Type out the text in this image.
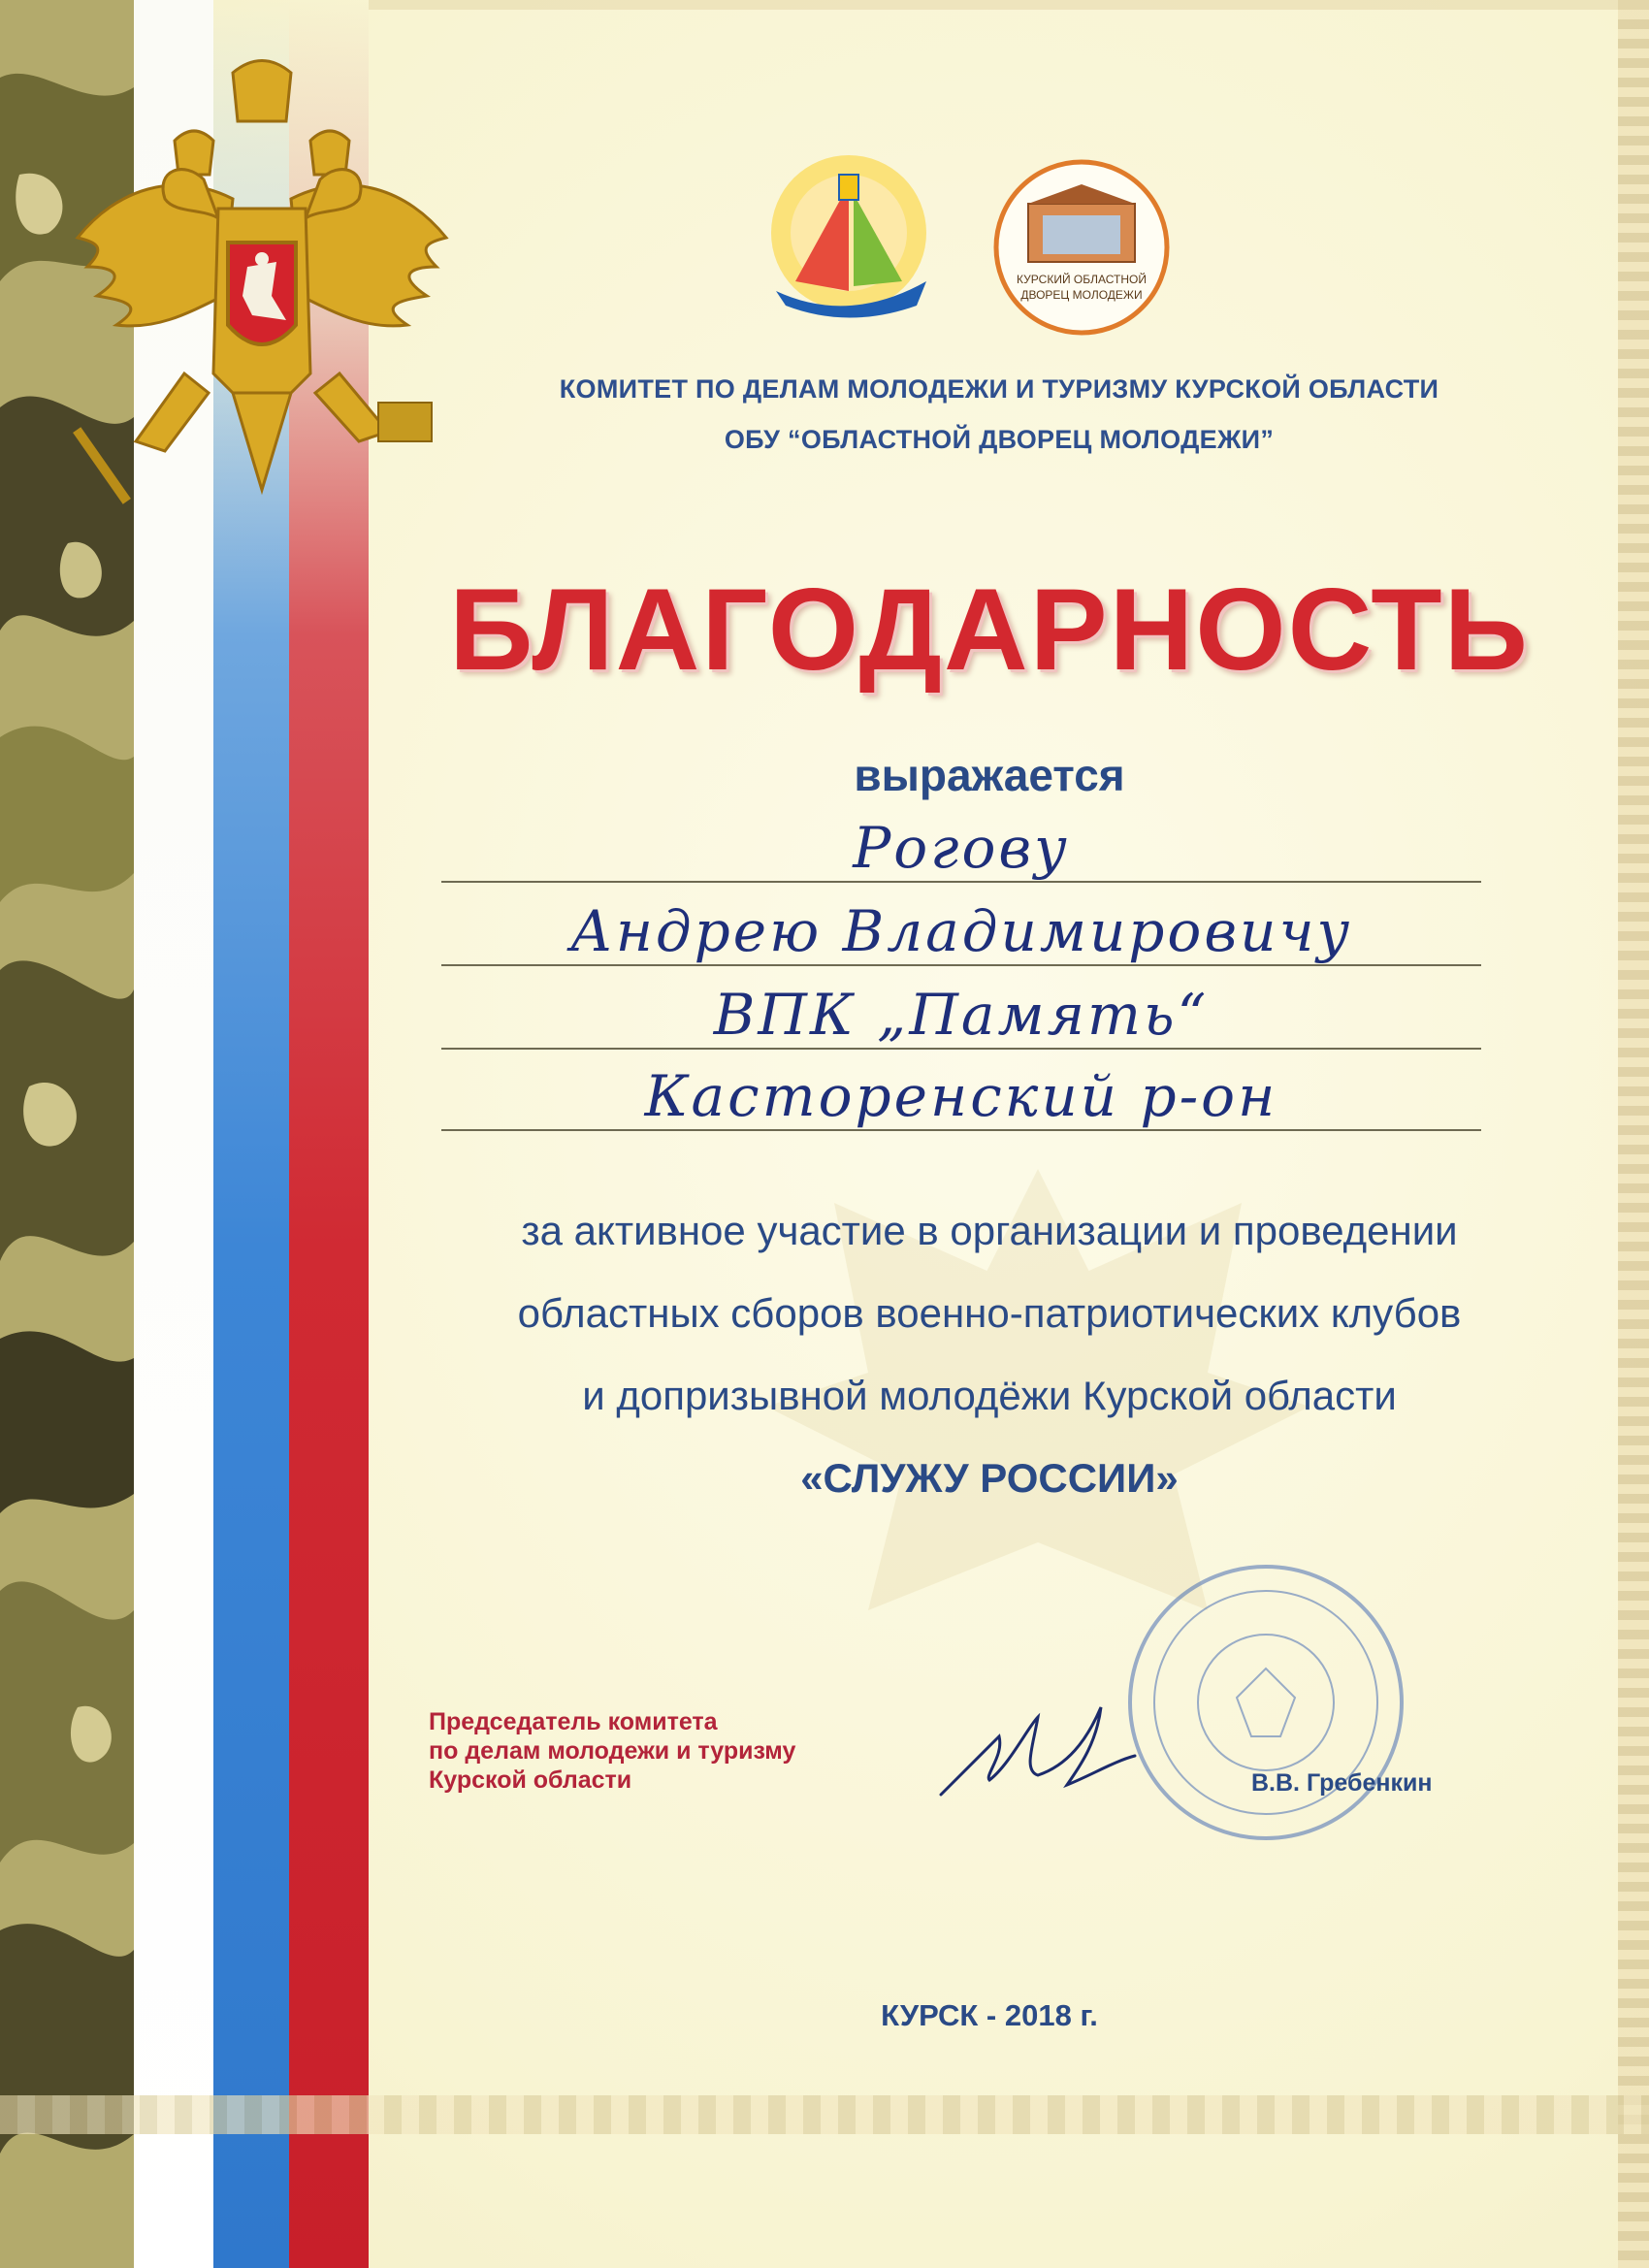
КУРСКИЙ ОБЛАСТНОЙ
ДВОРЕЦ МОЛОДЕЖИ
КОМИТЕТ ПО ДЕЛАМ МОЛОДЕЖИ И ТУРИЗМУ КУРСКОЙ ОБЛАСТИ
ОБУ “ОБЛАСТНОЙ ДВОРЕЦ МОЛОДЕЖИ”
БЛАГОДАРНОСТЬ
выражается
Рогову
Андрею Владимировичу
ВПК „Память“
Касторенский р-он
за активное участие в организации и проведении
областных сборов военно-патриотических клубов
и допризывной молодёжи Курской области
«СЛУЖУ РОССИИ»
Председатель комитета
по делам молодежи и туризму
Курской области	В.В. Гребенкин
КУРСК - 2018 г.
